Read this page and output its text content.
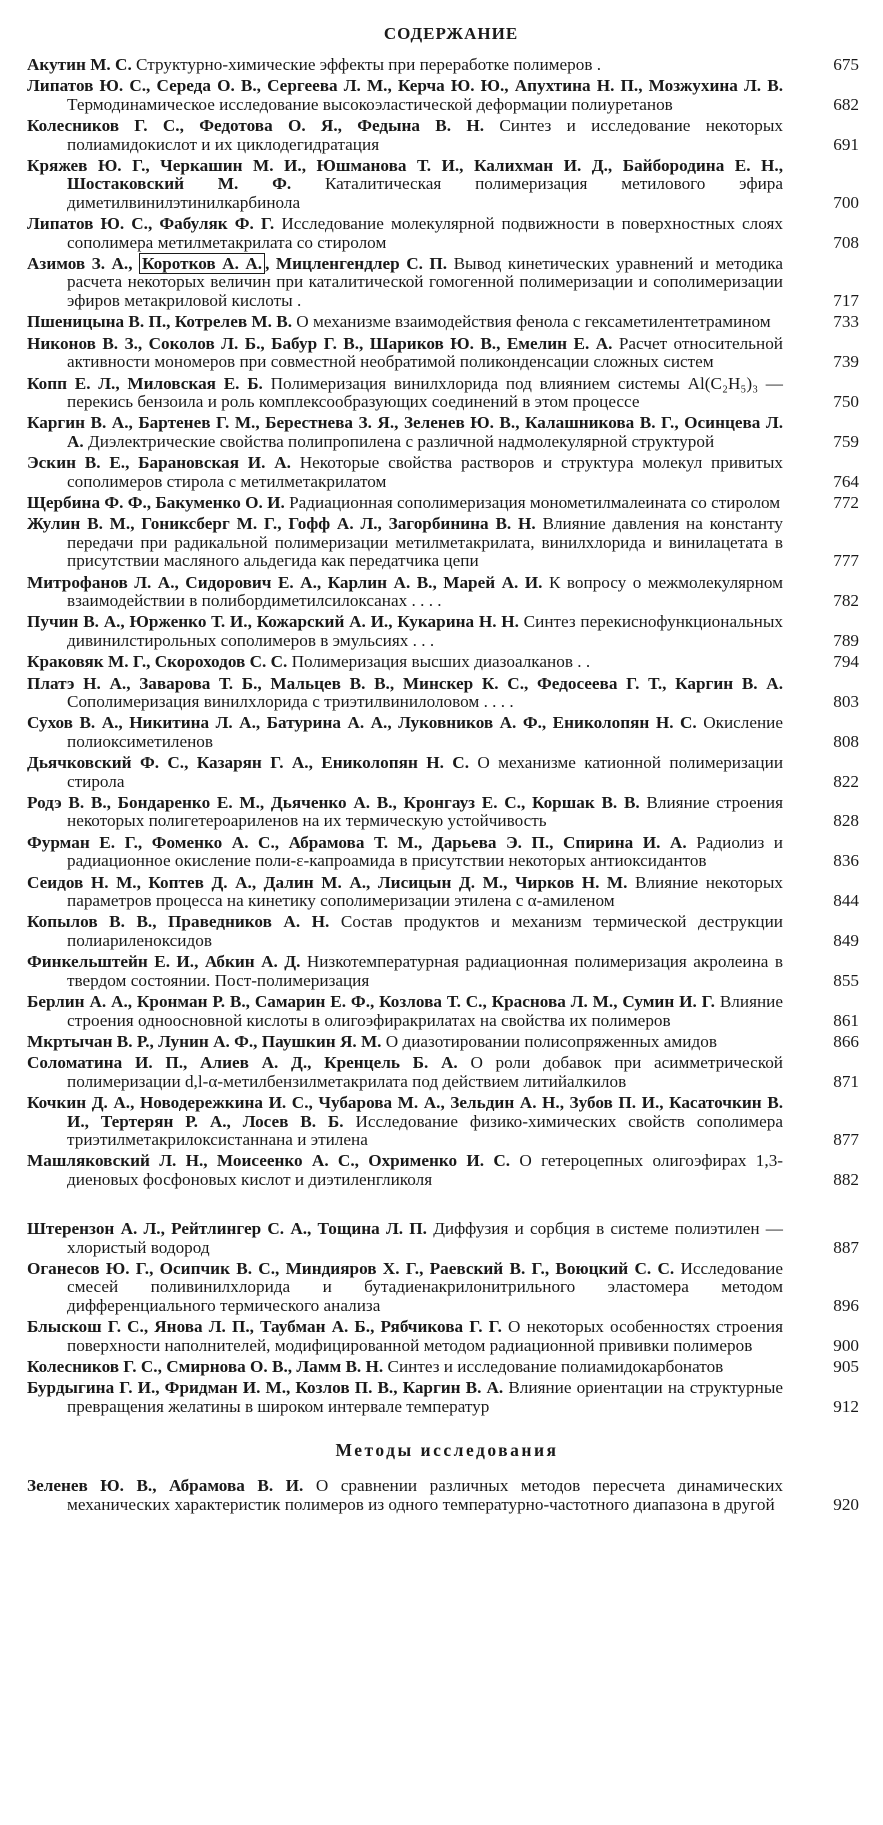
СОДЕРЖАНИЕ
Акутин М. С. Структурно-химические эффекты при переработке полимеров .	675
Липатов Ю. С., Середа О. В., Сергеева Л. М., Керча Ю. Ю., Апухтина Н. П., Мозжухина Л. В. Термодинамическое исследование высокоэластической деформации полиуретанов	682
Колесников Г. С., Федотова О. Я., Федына В. Н. Синтез и исследование некоторых полиамидокислот и их циклодегидратация	691
Кряжев Ю. Г., Черкашин М. И., Юшманова Т. И., Калихман И. Д., Байбородина Е. Н., Шостаковский М. Ф. Каталитическая полимеризация метилового эфира диметилвинилэтинилкарбинола	700
Липатов Ю. С., Фабуляк Ф. Г. Исследование молекулярной подвижности в поверхностных слоях сополимера метилметакрилата со стиролом	708
Азимов З. А., Коротков А. А. , Мицленгендлер С. П. Вывод кинетических уравнений и методика расчета некоторых величин при каталитической гомогенной полимеризации и сополимеризации эфиров метакриловой кислоты .	717
Пшеницына В. П., Котрелев М. В. О механизме взаимодействия фенола с гексаметилентетрамином	733
Никонов В. З., Соколов Л. Б., Бабур Г. В., Шариков Ю. В., Емелин Е. А. Расчет относительной активности мономеров при совместной необратимой поликонденсации сложных систем	739
Копп Е. Л., Миловская Е. Б. Полимеризация винилхлорида под влиянием системы Al(C₂H₅)₃ — перекись бензоила и роль комплексообразующих соединений в этом процессе	750
Каргин В. А., Бартенев Г. М., Берестнева З. Я., Зеленев Ю. В., Калашникова В. Г., Осинцева Л. А. Диэлектрические свойства полипропилена с различной надмолекулярной структурой	759
Эскин В. Е., Барановская И. А. Некоторые свойства растворов и структура молекул привитых сополимеров стирола с метилметакрилатом	764
Щербина Ф. Ф., Бакуменко О. И. Радиационная сополимеризация монометилмалеината со стиролом	772
Жулин В. М., Гониксберг М. Г., Гофф А. Л., Загорбинина В. Н. Влияние давления на константу передачи при радикальной полимеризации метилметакрилата, винилхлорида и винилацетата в присутствии масляного альдегида как передатчика цепи	777
Митрофанов Л. А., Сидорович Е. А., Карлин А. В., Марей А. И. К вопросу о межмолекулярном взаимодействии в полибордиметилсилоксанах . . . .	782
Пучин В. А., Юрженко Т. И., Кожарский А. И., Кукарина Н. Н. Синтез перекиснофункциональных дивинилстирольных сополимеров в эмульсиях . . .	789
Краковяк М. Г., Скороходов С. С. Полимеризация высших диазоалканов . .	794
Платэ Н. А., Заварова Т. Б., Мальцев В. В., Минскер К. С., Федосеева Г. Т., Каргин В. А. Сополимеризация винилхлорида с триэтилвинилоловом . . . .	803
Сухов В. А., Никитина Л. А., Батурина А. А., Луковников А. Ф., Ениколопян Н. С. Окисление полиоксиметиленов	808
Дьячковский Ф. С., Казарян Г. А., Ениколопян Н. С. О механизме катионной полимеризации стирола	822
Родэ В. В., Бондаренко Е. М., Дьяченко А. В., Кронгауз Е. С., Коршак В. В. Влияние строения некоторых полигетероариленов на их термическую устойчивость	828
Фурман Е. Г., Фоменко А. С., Абрамова Т. М., Дарьева Э. П., Спирина И. А. Радиолиз и радиационное окисление поли-ε-капроамида в присутствии некоторых антиоксидантов	836
Сеидов Н. М., Коптев Д. А., Далин М. А., Лисицын Д. М., Чирков Н. М. Влияние некоторых параметров процесса на кинетику сополимеризации этилена с α-амиленом	844
Копылов В. В., Праведников А. Н. Состав продуктов и механизм термической деструкции полиариленоксидов	849
Финкельштейн Е. И., Абкин А. Д. Низкотемпературная радиационная полимеризация акролеина в твердом состоянии. Пост-полимеризация	855
Берлин А. А., Кронман Р. В., Самарин Е. Ф., Козлова Т. С., Краснова Л. М., Сумин И. Г. Влияние строения одноосновной кислоты в олигоэфиракрилатах на свойства их полимеров	861
Мкртычан В. Р., Лунин А. Ф., Паушкин Я. М. О диазотировании полисопряженных амидов	866
Соломатина И. П., Алиев А. Д., Кренцель Б. А. О роли добавок при асимметрической полимеризации d,l-α-метилбензилметакрилата под действием литийалкилов	871
Кочкин Д. А., Новодережкина И. С., Чубарова М. А., Зельдин А. Н., Зубов П. И., Касаточкин В. И., Тертерян Р. А., Лосев В. Б. Исследование физико-химических свойств сополимера триэтилметакрилоксистаннана и этилена	877
Машляковский Л. Н., Моисеенко А. С., Охрименко И. С. О гетероцепных олигоэфирах 1,3-диеновых фосфоновых кислот и диэтиленгликоля	882
Штерензон А. Л., Рейтлингер С. А., Тощина Л. П. Диффузия и сорбция в системе полиэтилен — хлористый водород	887
Оганесов Ю. Г., Осипчик В. С., Миндияров Х. Г., Раевский В. Г., Воюцкий С. С. Исследование смесей поливинилхлорида и бутадиенакрилонитрильного эластомера методом дифференциального термического анализа	896
Блыскош Г. С., Янова Л. П., Таубман А. Б., Рябчикова Г. Г. О некоторых особенностях строения поверхности наполнителей, модифицированной методом радиационной прививки полимеров	900
Колесников Г. С., Смирнова О. В., Ламм В. Н. Синтез и исследование полиамидокарбонатов	905
Бурдыгина Г. И., Фридман И. М., Козлов П. В., Каргин В. А. Влияние ориентации на структурные превращения желатины в широком интервале температур	912
Методы исследования
Зеленев Ю. В., Абрамова В. И. О сравнении различных методов пересчета динамических механических характеристик полимеров из одного температурно-частотного диапазона в другой	920
